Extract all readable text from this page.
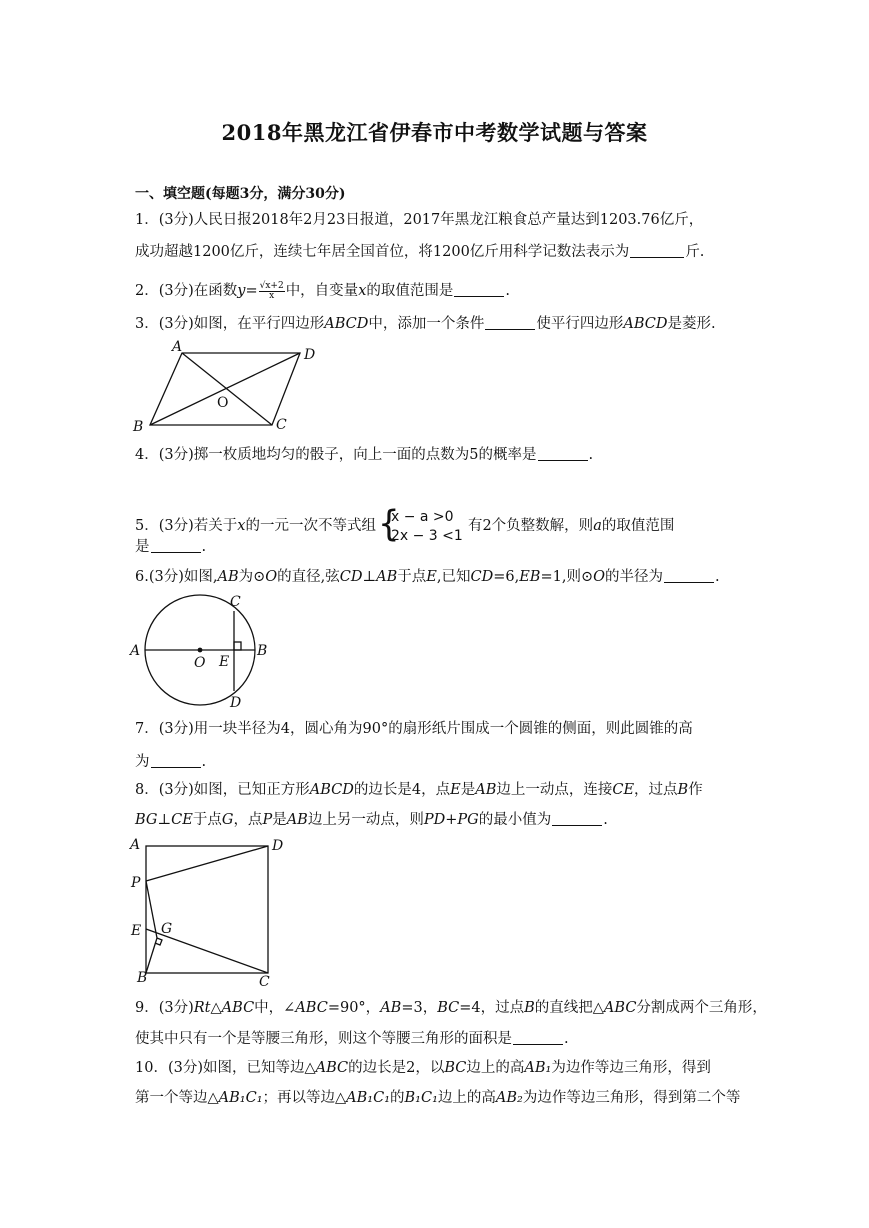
2018年黑龙江省伊春市中考数学试题与答案
一、填空题(每题3分，满分30分)
1．(3分)人民日报2018年2月23日报道，2017年黑龙江粮食总产量达到1203.76亿斤，
成功超越1200亿斤，连续七年居全国首位，将1200亿斤用科学记数法表示为	斤.
2．(3分)在函数$y= \frac{√x+2}{x}$ 中，自变量x的取值范围是	.
3．(3分)如图，在平行四边形ABCD中，添加一个条件	使平行四边形ABCD是菱形.
A	D
B	C
O
4．(3分)掷一枚质地均匀的骰子，向上一面的点数为5的概率是	.
5．(3分)若关于x的一元一次不等式组 {
x − a >0
2x − 3 <1
有2个负整数解，则a的取值范围
是	.
6.(3分)如图,AB为⊙O的直径,弦CD⊥AB于点E,已知CD=6,EB=1,则⊙O的半径为	.
A	B
C
D
E
O
7．(3分)用一块半径为4，圆心角为90°的扇形纸片围成一个圆锥的侧面，则此圆锥的高
为	.
8．(3分)如图，已知正方形ABCD的边长是4，点E是AB边上一动点，连接CE，过点B作
BG⊥CE于点G，点P是AB边上另一动点，则PD+PG的最小值为	.
A	D
P
E G
B	C
9．(3分)Rt△ABC中，∠ABC=90°，AB=3，BC=4，过点B的直线把△ABC分割成两个三角形，
使其中只有一个是等腰三角形，则这个等腰三角形的面积是	.
10．(3分)如图，已知等边△ABC的边长是2，以BC边上的高AB₁为边作等边三角形，得到
第一个等边△AB₁C₁；再以等边△AB₁C₁的B₁C₁边上的高AB₂为边作等边三角形，得到第二个等
